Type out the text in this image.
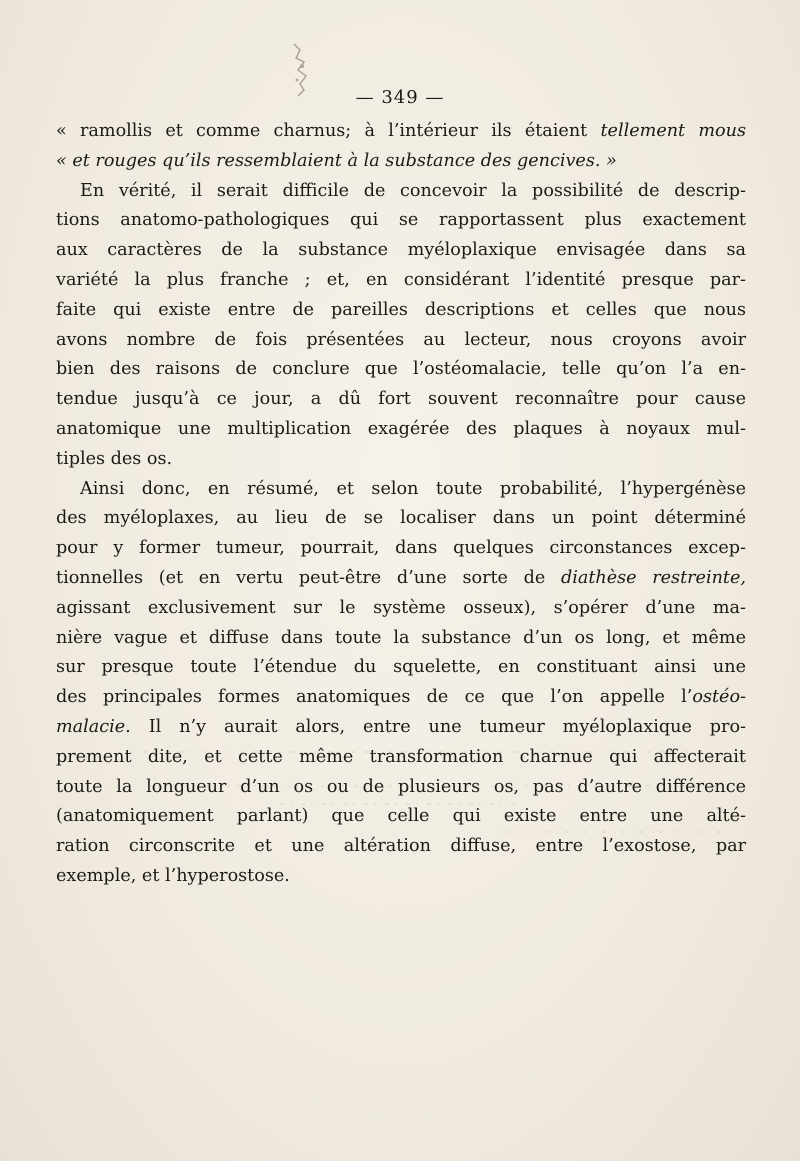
— 349 —
« ramollis et comme charnus; à l’intérieur ils étaient tellement mous
« et rouges qu’ils ressemblaient à la substance des gencives. »
En vérité, il serait difficile de concevoir la possibilité de descrip-
tions anatomo-pathologiques qui se rapportassent plus exactement
aux caractères de la substance myéloplaxique envisagée dans sa
variété la plus franche ; et, en considérant l’identité presque par-
faite qui existe entre de pareilles descriptions et celles que nous
avons nombre de fois présentées au lecteur, nous croyons avoir
bien des raisons de conclure que l’ostéomalacie, telle qu’on l’a en-
tendue jusqu’à ce jour, a dû fort souvent reconnaître pour cause
anatomique une multiplication exagérée des plaques à noyaux mul-
tiples des os.
Ainsi donc, en résumé, et selon toute probabilité, l’hypergénèse
des myéloplaxes, au lieu de se localiser dans un point déterminé
pour y former tumeur, pourrait, dans quelques circonstances excep-
tionnelles (et en vertu peut-être d’une sorte de diathèse restreinte,
agissant exclusivement sur le système osseux), s’opérer d’une ma-
nière vague et diffuse dans toute la substance d’un os long, et même
sur presque toute l’étendue du squelette, en constituant ainsi une
des principales formes anatomiques de ce que l’on appelle l’ostéo-
malacie. Il n’y aurait alors, entre une tumeur myéloplaxique pro-
prement dite, et cette même transformation charnue qui affecterait
toute la longueur d’un os ou de plusieurs os, pas d’autre différence
(anatomiquement parlant) que celle qui existe entre une alté-
ration circonscrite et une altération diffuse, entre l’exostose, par
exemple, et l’hyperostose.
